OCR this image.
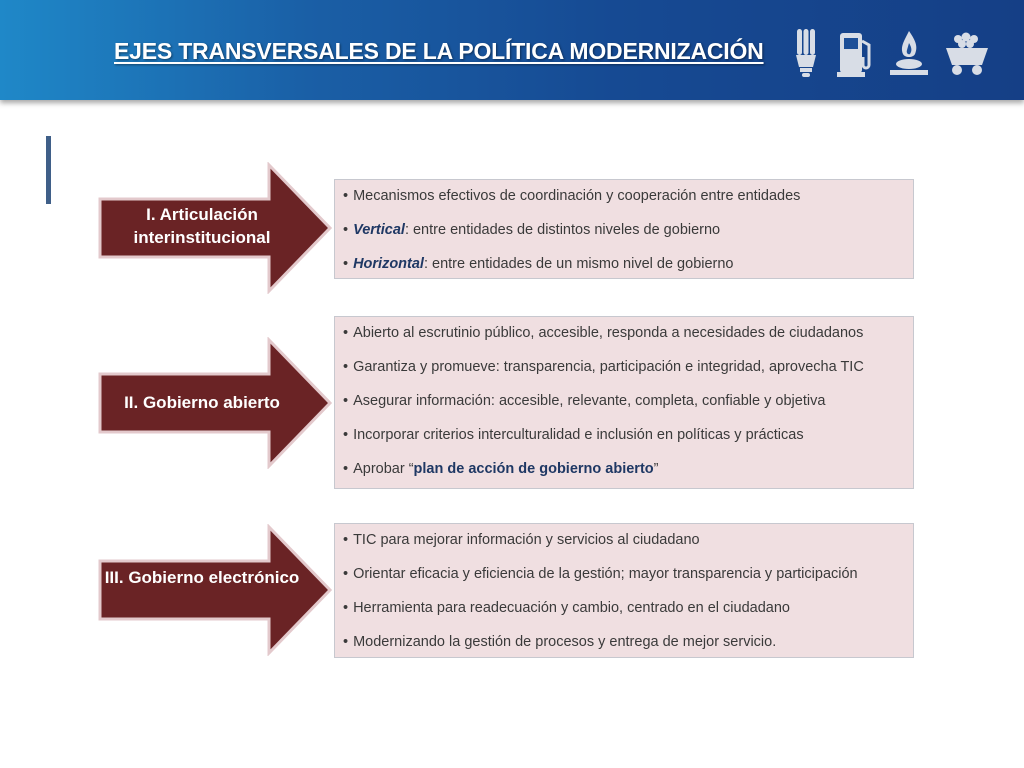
EJES TRANSVERSALES DE LA POLÍTICA MODERNIZACIÓN
I. Articulación interinstitucional
• Mecanismos efectivos de coordinación y cooperación entre entidades
• Vertical: entre entidades de distintos niveles de gobierno
• Horizontal: entre entidades de un mismo nivel de gobierno
II. Gobierno abierto
• Abierto al escrutinio público, accesible, responda a necesidades de ciudadanos
• Garantiza y promueve: transparencia, participación e integridad, aprovecha TIC
• Asegurar información: accesible, relevante, completa, confiable y objetiva
• Incorporar criterios interculturalidad e inclusión en políticas y prácticas
• Aprobar “plan de acción de gobierno abierto”
III. Gobierno electrónico
• TIC para mejorar información y servicios al ciudadano
• Orientar eficacia y eficiencia de la gestión; mayor transparencia y participación
• Herramienta para readecuación y cambio, centrado en el ciudadano
• Modernizando la gestión de procesos y entrega de mejor servicio.
